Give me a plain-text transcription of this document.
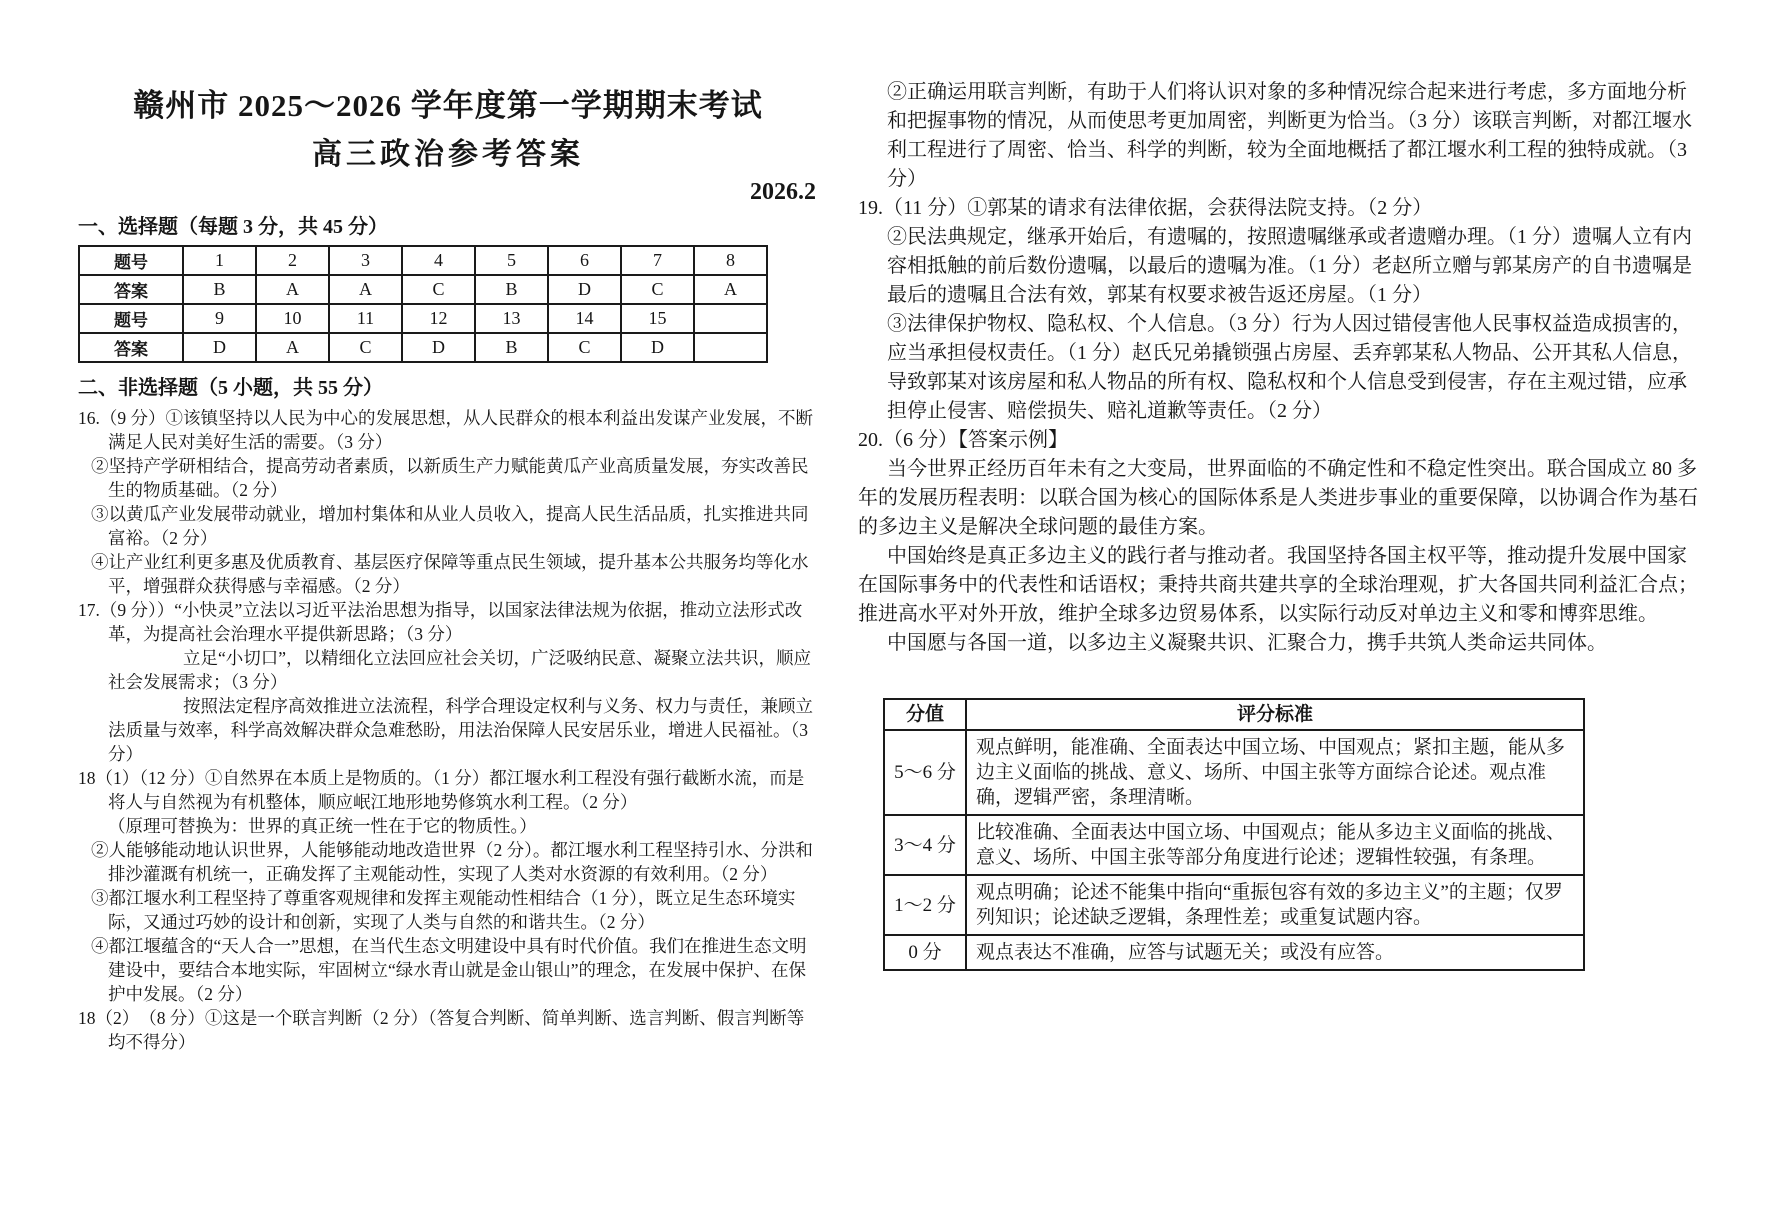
赣州市 2025～2026 学年度第一学期期末考试
高三政治参考答案
2026.2
一、选择题（每题 3 分，共 45 分）
题号	1	2	3	4	5	6	7	8
答案	B	A	A	C	B	D	C	A
题号	9	10	11	12	13	14	15	
答案	D	A	C	D	B	C	D	
二、非选择题（5 小题，共 55 分）

16.（9 分）①该镇坚持以人民为中心的发展思想，从人民群众的根本利益出发谋产业发展，不断满足人民对美好生活的需要。（3 分）

②坚持产学研相结合，提高劳动者素质，以新质生产力赋能黄瓜产业高质量发展，夯实改善民生的物质基础。（2 分）

③以黄瓜产业发展带动就业，增加村集体和从业人员收入，提高人民生活品质，扎实推进共同富裕。（2 分）

④让产业红利更多惠及优质教育、基层医疗保障等重点民生领域，提升基本公共服务均等化水平，增强群众获得感与幸福感。（2 分）

17.（9 分））“小快灵”立法以习近平法治思想为指导，以国家法律法规为依据，推动立法形式改革，为提高社会治理水平提供新思路；（3 分）

立足“小切口”，以精细化立法回应社会关切，广泛吸纳民意、凝聚立法共识，顺应社会发展需求；（3 分）

按照法定程序高效推进立法流程，科学合理设定权利与义务、权力与责任，兼顾立法质量与效率，科学高效解决群众急难愁盼，用法治保障人民安居乐业，增进人民福祉。（3 分）

18（1）（12 分）①自然界在本质上是物质的。（1 分）都江堰水利工程没有强行截断水流，而是将人与自然视为有机整体，顺应岷江地形地势修筑水利工程。（2 分）

（原理可替换为：世界的真正统一性在于它的物质性。）

②人能够能动地认识世界，人能够能动地改造世界（2 分）。都江堰水利工程坚持引水、分洪和排沙灌溉有机统一，正确发挥了主观能动性，实现了人类对水资源的有效利用。（2 分）

③都江堰水利工程坚持了尊重客观规律和发挥主观能动性相结合（1 分），既立足生态环境实际，又通过巧妙的设计和创新，实现了人类与自然的和谐共生。（2 分）

④都江堰蕴含的“天人合一”思想，在当代生态文明建设中具有时代价值。我们在推进生态文明建设中，要结合本地实际，牢固树立“绿水青山就是金山银山”的理念，在发展中保护、在保护中发展。（2 分）

18（2）　（8 分）①这是一个联言判断（2 分）（答复合判断、简单判断、选言判断、假言判断等均不得分）

②正确运用联言判断，有助于人们将认识对象的多种情况综合起来进行考虑，多方面地分析和把握事物的情况，从而使思考更加周密，判断更为恰当。（3 分）该联言判断，对都江堰水利工程进行了周密、恰当、科学的判断，较为全面地概括了都江堰水利工程的独特成就。（3 分）

19.（11 分）①郭某的请求有法律依据，会获得法院支持。（2 分）

②民法典规定，继承开始后，有遗嘱的，按照遗嘱继承或者遗赠办理。（1 分）遗嘱人立有内容相抵触的前后数份遗嘱，以最后的遗嘱为准。（1 分）老赵所立赠与郭某房产的自书遗嘱是最后的遗嘱且合法有效，郭某有权要求被告返还房屋。（1 分）

③法律保护物权、隐私权、个人信息。（3 分）行为人因过错侵害他人民事权益造成损害的，应当承担侵权责任。（1 分）赵氏兄弟撬锁强占房屋、丢弃郭某私人物品、公开其私人信息，导致郭某对该房屋和私人物品的所有权、隐私权和个人信息受到侵害，存在主观过错，应承担停止侵害、赔偿损失、赔礼道歉等责任。（2 分）

20.（6 分）【答案示例】

当今世界正经历百年未有之大变局，世界面临的不确定性和不稳定性突出。联合国成立 80 多年的发展历程表明：以联合国为核心的国际体系是人类进步事业的重要保障，以协调合作为基石的多边主义是解决全球问题的最佳方案。

中国始终是真正多边主义的践行者与推动者。我国坚持各国主权平等，推动提升发展中国家在国际事务中的代表性和话语权；秉持共商共建共享的全球治理观，扩大各国共同利益汇合点；推进高水平对外开放，维护全球多边贸易体系，以实际行动反对单边主义和零和博弈思维。

中国愿与各国一道，以多边主义凝聚共识、汇聚合力，携手共筑人类命运共同体。

分值	评分标准
5～6 分	观点鲜明，能准确、全面表达中国立场、中国观点；紧扣主题，能从多边主义面临的挑战、意义、场所、中国主张等方面综合论述。观点准确，逻辑严密，条理清晰。
3～4 分	比较准确、全面表达中国立场、中国观点；能从多边主义面临的挑战、意义、场所、中国主张等部分角度进行论述；逻辑性较强，有条理。
1～2 分	观点明确；论述不能集中指向“重振包容有效的多边主义”的主题；仅罗列知识；论述缺乏逻辑，条理性差；或重复试题内容。
0 分	观点表达不准确，应答与试题无关；或没有应答。
